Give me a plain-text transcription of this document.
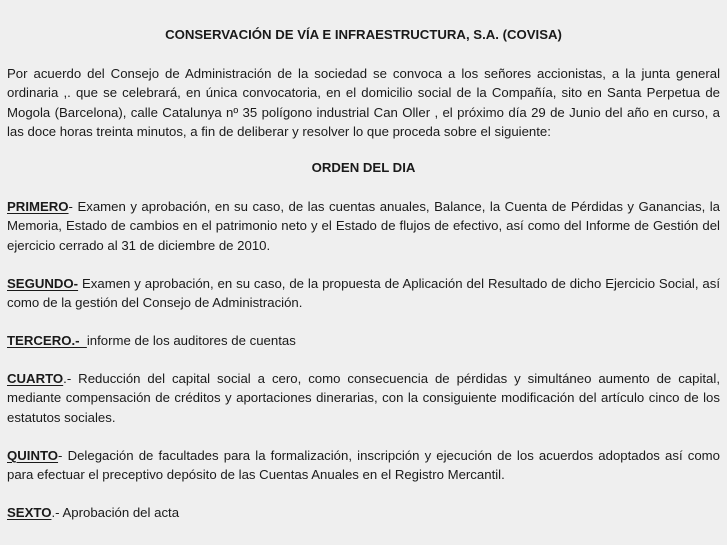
CONSERVACIÓN DE VÍA E INFRAESTRUCTURA, S.A. (COVISA)
Por acuerdo del Consejo de Administración de la sociedad se convoca a los señores accionistas, a la junta general ordinaria ,. que se celebrará, en única convocatoria, en el domicilio social de la Compañía, sito en Santa Perpetua de Mogola (Barcelona), calle Catalunya nº 35 polígono industrial Can Oller , el próximo día 29 de Junio del año en curso, a las doce horas treinta minutos, a fin de deliberar y resolver lo que proceda sobre el siguiente:
ORDEN DEL DIA
PRIMERO- Examen y aprobación, en su caso, de las cuentas anuales, Balance, la Cuenta de Pérdidas y Ganancias, la Memoria, Estado de cambios en el patrimonio neto y el Estado de flujos de efectivo, así como del Informe de Gestión del ejercicio cerrado al 31 de diciembre de 2010.
SEGUNDO- Examen y aprobación, en su caso, de la propuesta de Aplicación del Resultado de dicho Ejercicio Social, así como de la gestión del Consejo de Administración.
TERCERO.-  informe de los auditores de cuentas
CUARTO.- Reducción del capital social a cero, como consecuencia de pérdidas y simultáneo aumento de capital, mediante compensación de créditos y aportaciones dinerarias, con la consiguiente modificación del artículo cinco de los estatutos sociales.
QUINTO- Delegación de facultades para la formalización, inscripción y ejecución de los acuerdos adoptados así como para efectuar el preceptivo depósito de las Cuentas Anuales en el Registro Mercantil.
SEXTO.- Aprobación del acta
